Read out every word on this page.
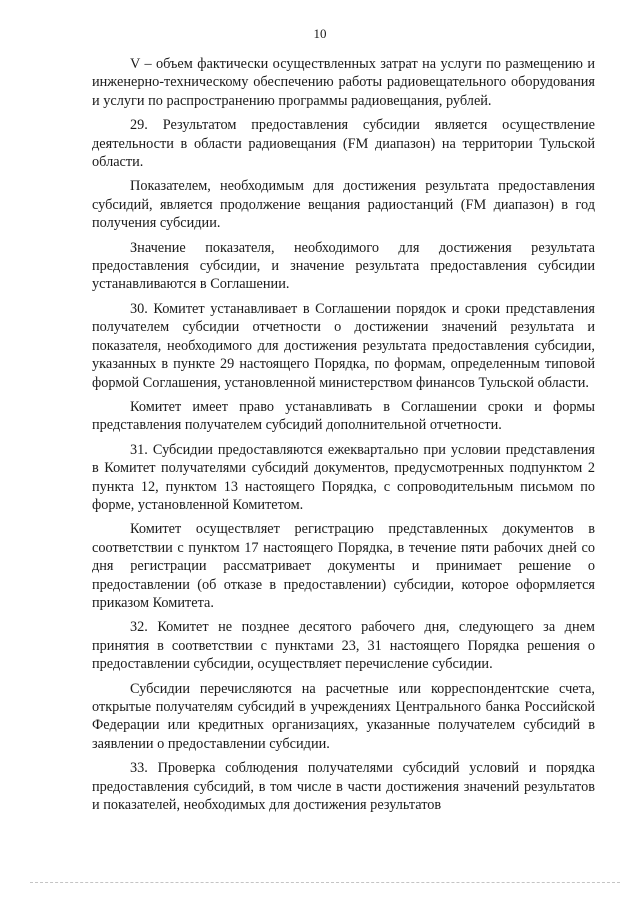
10

V – объем фактически осуществленных затрат на услуги по размещению и инженерно-техническому обеспечению работы радиовещательного оборудования и услуги по распространению программы радиовещания, рублей.

29. Результатом предоставления субсидии является осуществление деятельности в области радиовещания (FM диапазон) на территории Тульской области.

Показателем, необходимым для достижения результата предоставления субсидий, является продолжение вещания радиостанций (FM диапазон) в год получения субсидии.

Значение показателя, необходимого для достижения результата предоставления субсидии, и значение результата предоставления субсидии устанавливаются в Соглашении.

30. Комитет устанавливает в Соглашении порядок и сроки представления получателем субсидии отчетности о достижении значений результата и показателя, необходимого для достижения результата предоставления субсидии, указанных в пункте 29 настоящего Порядка, по формам, определенным типовой формой Соглашения, установленной министерством финансов Тульской области.

Комитет имеет право устанавливать в Соглашении сроки и формы представления получателем субсидий дополнительной отчетности.

31. Субсидии предоставляются ежеквартально при условии представления в Комитет получателями субсидий документов, предусмотренных подпунктом 2 пункта 12, пунктом 13 настоящего Порядка, с сопроводительным письмом по форме, установленной Комитетом.

Комитет осуществляет регистрацию представленных документов в соответствии с пунктом 17 настоящего Порядка, в течение пяти рабочих дней со дня регистрации рассматривает документы и принимает решение о предоставлении (об отказе в предоставлении) субсидии, которое оформляется приказом Комитета.

32. Комитет не позднее десятого рабочего дня, следующего за днем принятия в соответствии с пунктами 23, 31 настоящего Порядка решения о предоставлении субсидии, осуществляет перечисление субсидии.

Субсидии перечисляются на расчетные или корреспондентские счета, открытые получателям субсидий в учреждениях Центрального банка Российской Федерации или кредитных организациях, указанные получателем субсидий в заявлении о предоставлении субсидии.

33. Проверка соблюдения получателями субсидий условий и порядка предоставления субсидий, в том числе в части достижения значений результатов и показателей, необходимых для достижения результатов
